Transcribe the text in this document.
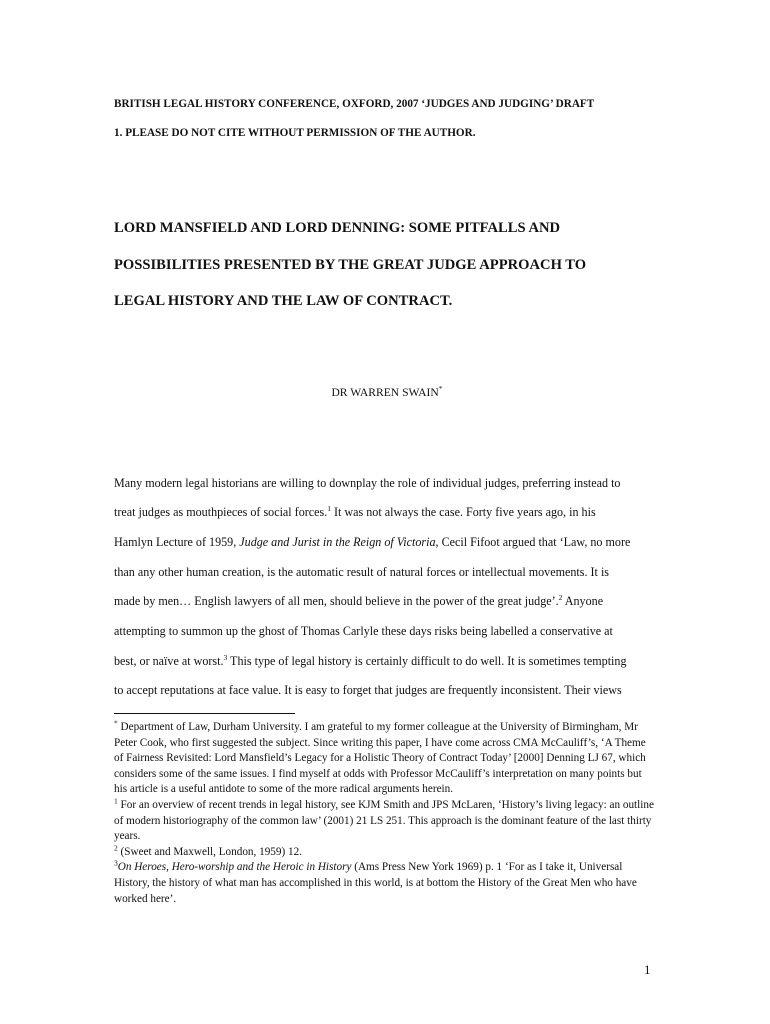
BRITISH LEGAL HISTORY CONFERENCE, OXFORD, 2007 ‘JUDGES AND JUDGING’ DRAFT
1. PLEASE DO NOT CITE WITHOUT PERMISSION OF THE AUTHOR.
LORD MANSFIELD AND LORD DENNING: SOME PITFALLS AND
POSSIBILITIES PRESENTED BY THE GREAT JUDGE APPROACH TO
LEGAL HISTORY AND THE LAW OF CONTRACT.
DR WARREN SWAIN*
Many modern legal historians are willing to downplay the role of individual judges, preferring instead to
treat judges as mouthpieces of social forces.$^1$ It was not always the case. Forty five years ago, in his
Hamlyn Lecture of 1959, Judge and Jurist in the Reign of Victoria, Cecil Fifoot argued that ‘Law, no more
than any other human creation, is the automatic result of natural forces or intellectual movements. It is
made by men… English lawyers of all men, should believe in the power of the great judge’.$^2$ Anyone
attempting to summon up the ghost of Thomas Carlyle these days risks being labelled a conservative at
best, or naïve at worst.$^3$ This type of legal history is certainly difficult to do well. It is sometimes tempting
to accept reputations at face value. It is easy to forget that judges are frequently inconsistent. Their views

* Department of Law, Durham University. I am grateful to my former colleague at the University of Birmingham, Mr Peter Cook, who first suggested the subject. Since writing this paper, I have come across CMA McCauliff’s, ‘A Theme of Fairness Revisited: Lord Mansfield’s Legacy for a Holistic Theory of Contract Today’ [2000] Denning LJ 67, which considers some of the same issues. I find myself at odds with Professor McCauliff’s interpretation on many points but his article is a useful antidote to some of the more radical arguments herein.

$^1$ For an overview of recent trends in legal history, see KJM Smith and JPS McLaren, ‘History’s living legacy: an outline of modern historiography of the common law’ (2001) 21 LS 251. This approach is the dominant feature of the last thirty years.

$^2$ (Sweet and Maxwell, London, 1959) 12.

$^3$On Heroes, Hero-worship and the Heroic in History (Ams Press New York 1969) p. 1 ‘For as I take it, Universal History, the history of what man has accomplished in this world, is at bottom the History of the Great Men who have worked here’.

1
